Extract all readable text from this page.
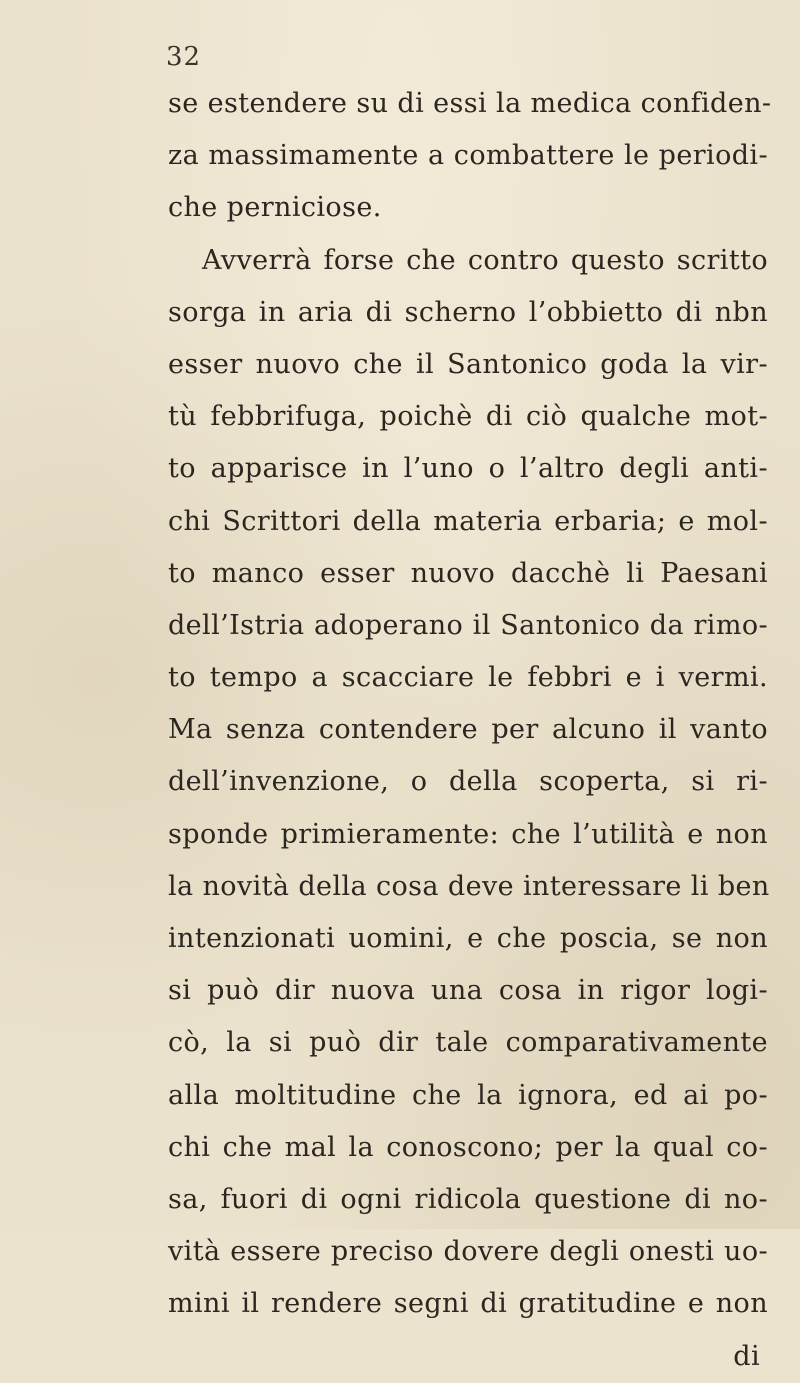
32
se estendere su di essi la medica confiden-
za massimamente a combattere le periodi-
che perniciose.
Avverrà forse che contro questo scritto
sorga in aria di scherno l’obbietto di nbn
esser nuovo che il Santonico goda la vir-
tù febbrifuga, poichè di ciò qualche mot-
to apparisce in l’uno o l’altro degli anti-
chi Scrittori della materia erbaria; e mol-
to manco esser nuovo dacchè li Paesani
dell’Istria adoperano il Santonico da rimo-
to tempo a scacciare le febbri e i vermi.
Ma senza contendere per alcuno il vanto
dell’invenzione, o della scoperta, si ri-
sponde primieramente: che l’utilità e non
la novità della cosa deve interessare li ben
intenzionati uomini, e che poscia, se non
si può dir nuova una cosa in rigor logi-
cò, la si può dir tale comparativamente
alla moltitudine che la ignora, ed ai po-
chi che mal la conoscono; per la qual co-
sa, fuori di ogni ridicola questione di no-
vità essere preciso dovere degli onesti uo-
mini il rendere segni di gratitudine e non
di
